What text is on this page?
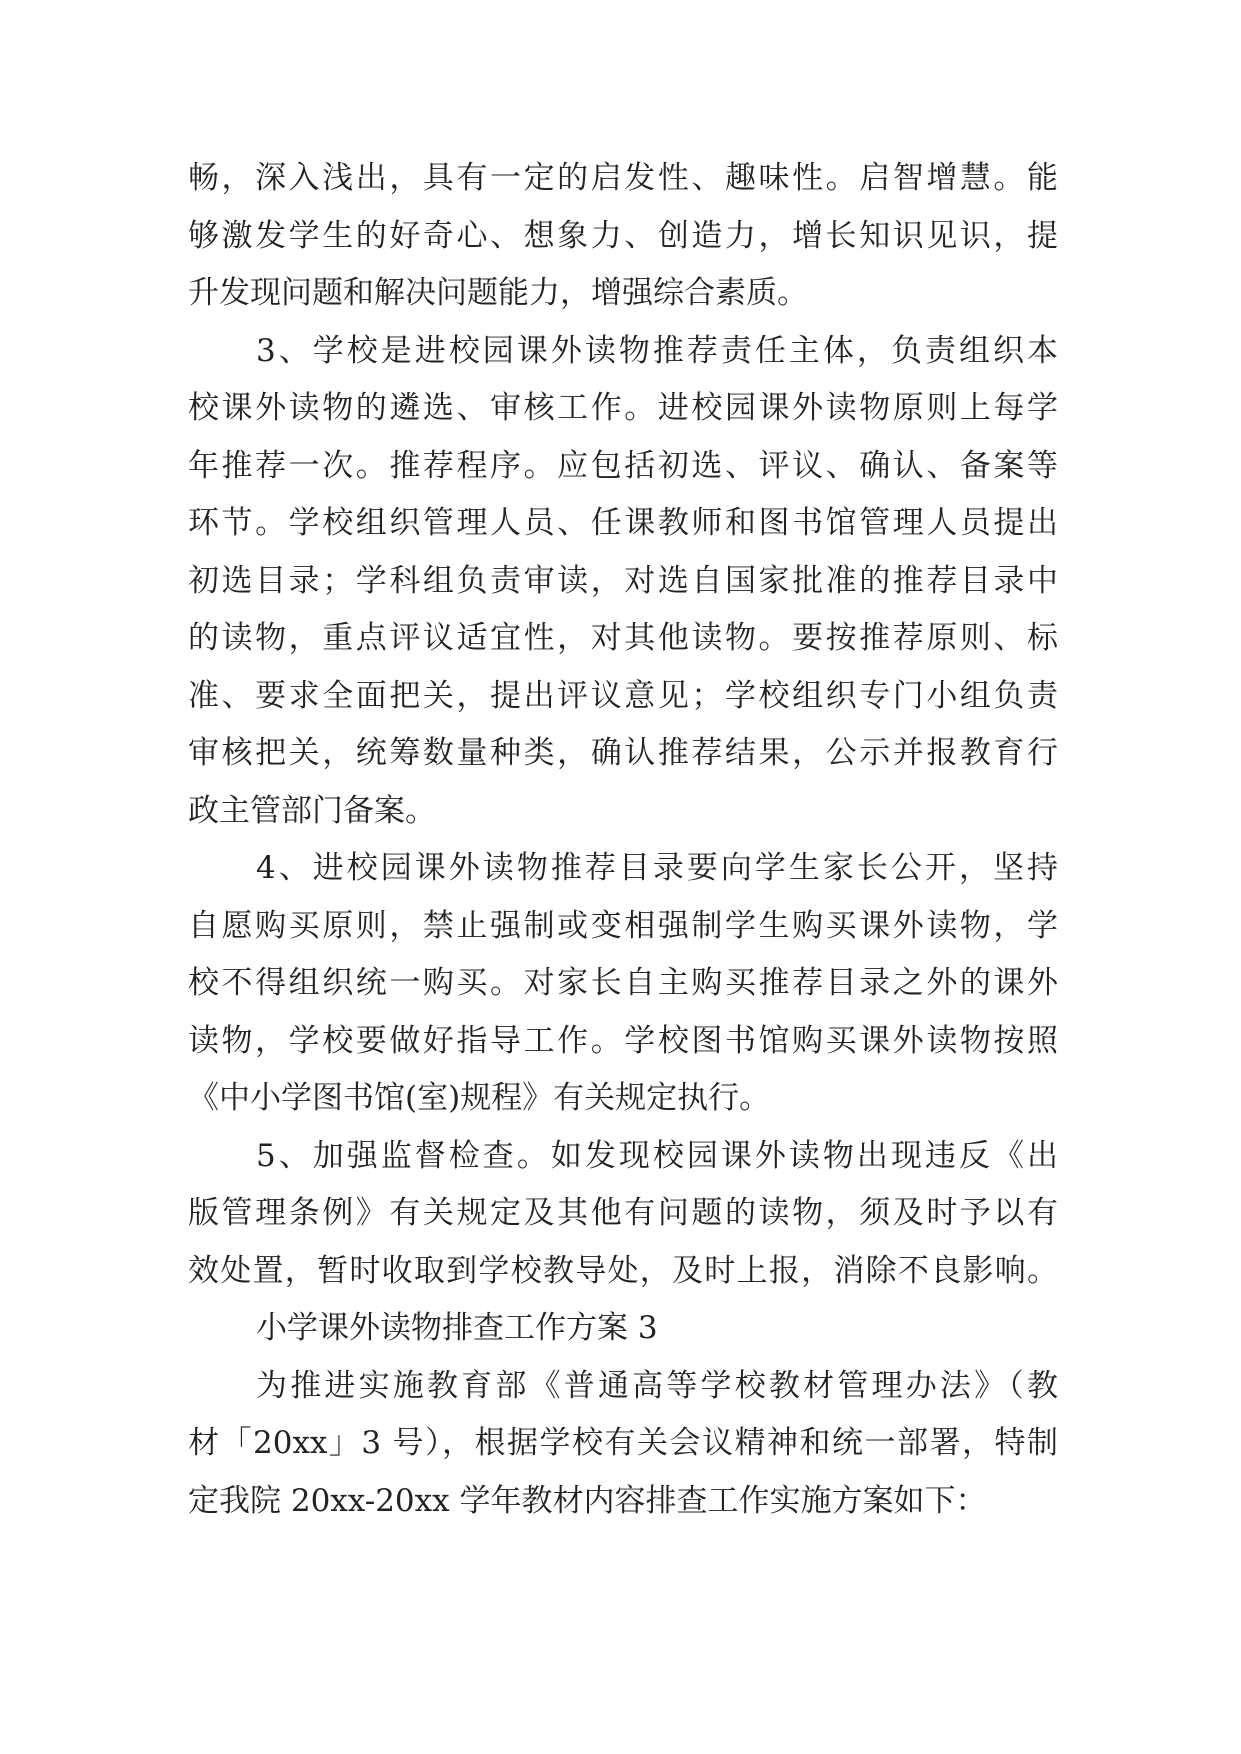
畅，深入浅出，具有一定的启发性、趣味性。启智增慧。能
够激发学生的好奇心、想象力、创造力，增长知识见识，提
升发现问题和解决问题能力，增强综合素质。
3、学校是进校园课外读物推荐责任主体，负责组织本
校课外读物的遴选、审核工作。进校园课外读物原则上每学
年推荐一次。推荐程序。应包括初选、评议、确认、备案等
环节。学校组织管理人员、任课教师和图书馆管理人员提出
初选目录；学科组负责审读，对选自国家批准的推荐目录中
的读物，重点评议适宜性，对其他读物。要按推荐原则、标
准、要求全面把关，提出评议意见；学校组织专门小组负责
审核把关，统筹数量种类，确认推荐结果，公示并报教育行
政主管部门备案。
4、进校园课外读物推荐目录要向学生家长公开，坚持
自愿购买原则，禁止强制或变相强制学生购买课外读物，学
校不得组织统一购买。对家长自主购买推荐目录之外的课外
读物，学校要做好指导工作。学校图书馆购买课外读物按照
《中小学图书馆(室)规程》有关规定执行。
5、加强监督检查。如发现校园课外读物出现违反《出
版管理条例》有关规定及其他有问题的读物，须及时予以有
效处置，暂时收取到学校教导处，及时上报，消除不良影响。
小学课外读物排查工作方案 3
为推进实施教育部《普通高等学校教材管理办法》（教
材「20xx」3 号），根据学校有关会议精神和统一部署，特制
定我院 20xx-20xx 学年教材内容排查工作实施方案如下：
